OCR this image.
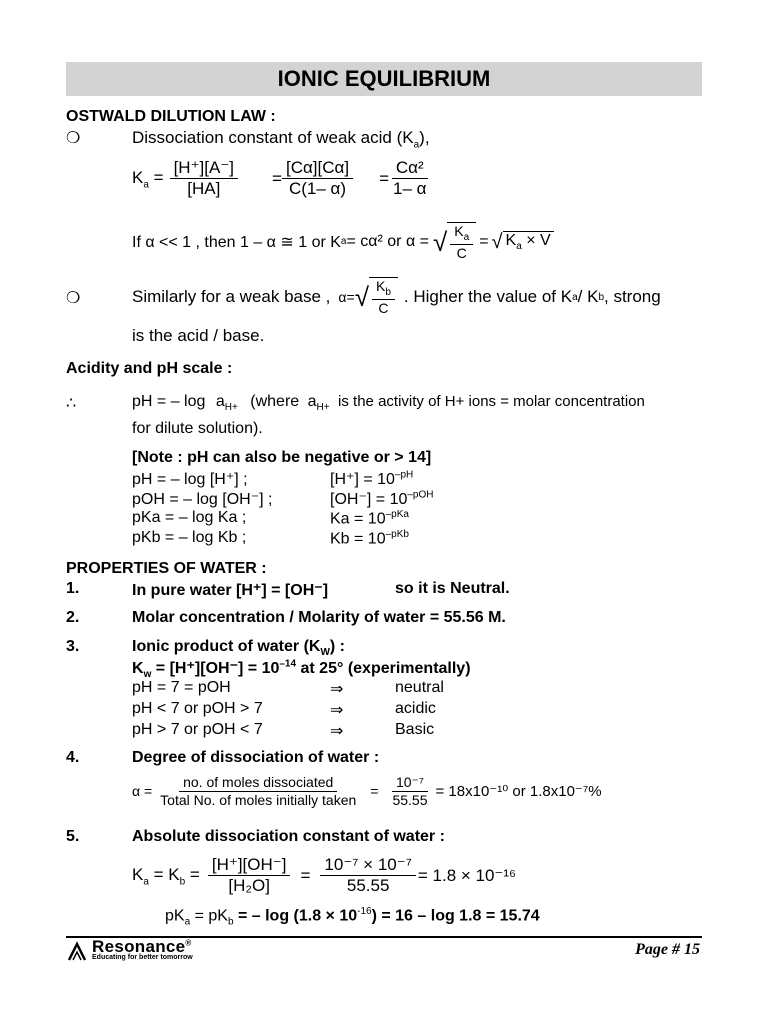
IONIC EQUILIBRIUM
OSTWALD DILUTION LAW :
❍	Dissociation constant of weak acid $(K_a)$,
$K_a = \frac{[H^+][A^-]}{[HA]} = \frac{[C\alpha][C\alpha]}{C(1- \alpha)} = \frac{\text{Cα²}}{1- \alpha}$
If α << 1 , then 1 – α ≅ 1 or K a = cα² or α = √ $\frac{K_a}{C}$ = √ $K_a \times V$
❍	Similarly for a weak base , α= √ $\frac{K_b}{C}$ . Higher the value of K a / K b , strong
is the acid / base.
Acidity and pH scale :
∴	pH = – $\log a_{H+}$ (where $a_{H+}$ is the activity of H+ ions = molar concentration
for dilute solution).
[Note : pH can also be negative or > 14]
pH = – log [H⁺] ;	$[H^+] = 10^{-pH}$
pOH = – log [OH⁻] ;	$[OH^-] = 10^{-pOH}$
pKa = – log Ka ;	$Ka = 10^{-pKa}$
pKb = – log Kb ;	$Kb = 10^{-pKb}$
PROPERTIES OF WATER :
1.	In pure water [H⁺] = [OH⁻]	so it is Neutral.
2.	Molar concentration / Molarity of water = 55.56 M.
3.	Ionic product of water $(K_W)$ :
$K_w = [H^+][OH^-] = 10^{-14}$ at 25° (experimentally)
pH = 7 = pOH	⇒	neutral
pH < 7 or pOH > 7	⇒	acidic
pH > 7 or pOH < 7	⇒	Basic
4.	Degree of dissociation of water :
$\alpha = \frac{\text{no. of moles dissociated}}{\text{Total No. of moles initially taken}} = \frac{\text{10⁻⁷}}{55.55} = 18x10^{-10}$ or 1.8x10⁻⁷%
5.	Absolute dissociation constant of water :
$K_a = K_b = \frac{[H^+][OH^-]}{\text{[H₂O]}} = \frac{\text{10⁻⁷ × 10⁻⁷}}{55.55} = 1.8 \times 10^{-16}$
$pK_a = pK_b$ = – $\log (1.8 \times 10^{-16}) = 16 - \log 1.8 = 15.74$
Resonance®
Educating for better tomorrow	Page # 15
